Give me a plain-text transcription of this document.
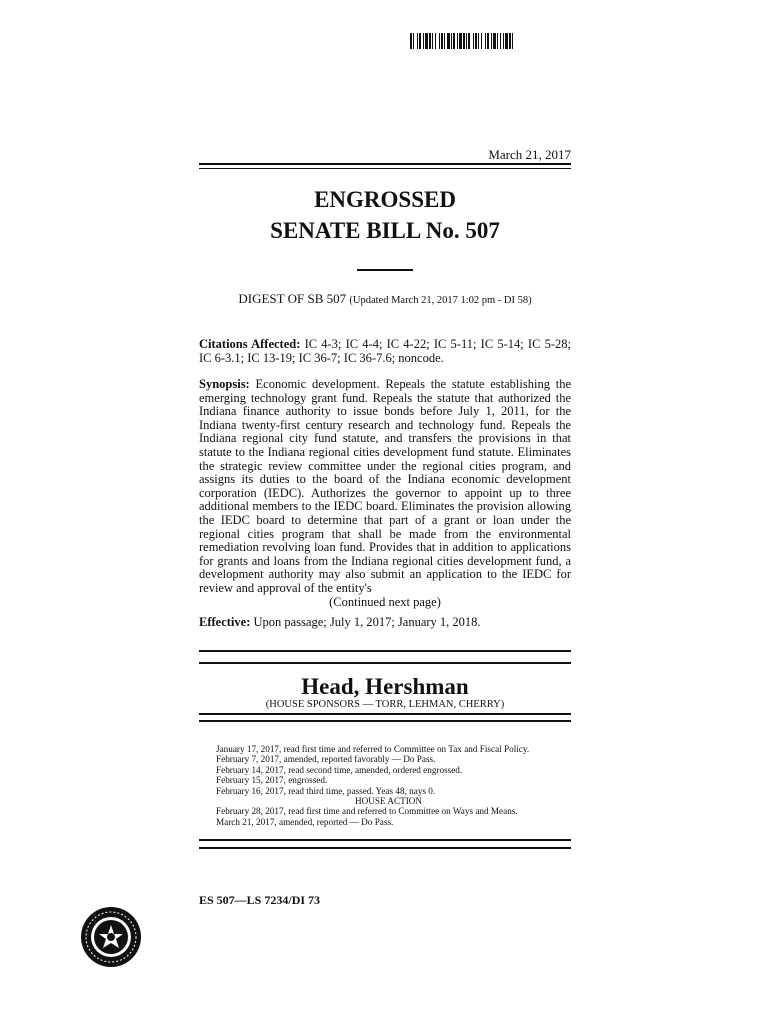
March 21, 2017
ENGROSSED
SENATE BILL No. 507
DIGEST OF SB 507 (Updated March 21, 2017 1:02 pm - DI 58)
Citations Affected: IC 4-3; IC 4-4; IC 4-22; IC 5-11; IC 5-14; IC 5-28; IC 6-3.1; IC 13-19; IC 36-7; IC 36-7.6; noncode.
Synopsis: Economic development. Repeals the statute establishing the emerging technology grant fund. Repeals the statute that authorized the Indiana finance authority to issue bonds before July 1, 2011, for the Indiana twenty-first century research and technology fund. Repeals the Indiana regional city fund statute, and transfers the provisions in that statute to the Indiana regional cities development fund statute. Eliminates the strategic review committee under the regional cities program, and assigns its duties to the board of the Indiana economic development corporation (IEDC). Authorizes the governor to appoint up to three additional members to the IEDC board. Eliminates the provision allowing the IEDC board to determine that part of a grant or loan under the regional cities program that shall be made from the environmental remediation revolving loan fund. Provides that in addition to applications for grants and loans from the Indiana regional cities development fund, a development authority may also submit an application to the IEDC for review and approval of the entity's
(Continued next page)
Effective: Upon passage; July 1, 2017; January 1, 2018.
Head, Hershman
(HOUSE SPONSORS — TORR, LEHMAN, CHERRY)
January 17, 2017, read first time and referred to Committee on Tax and Fiscal Policy.
February 7, 2017, amended, reported favorably — Do Pass.
February 14, 2017, read second time, amended, ordered engrossed.
February 15, 2017, engrossed.
February 16, 2017, read third time, passed. Yeas 48, nays 0.
HOUSE ACTION
February 28, 2017, read first time and referred to Committee on Ways and Means.
March 21, 2017, amended, reported — Do Pass.
ES 507—LS 7234/DI 73
